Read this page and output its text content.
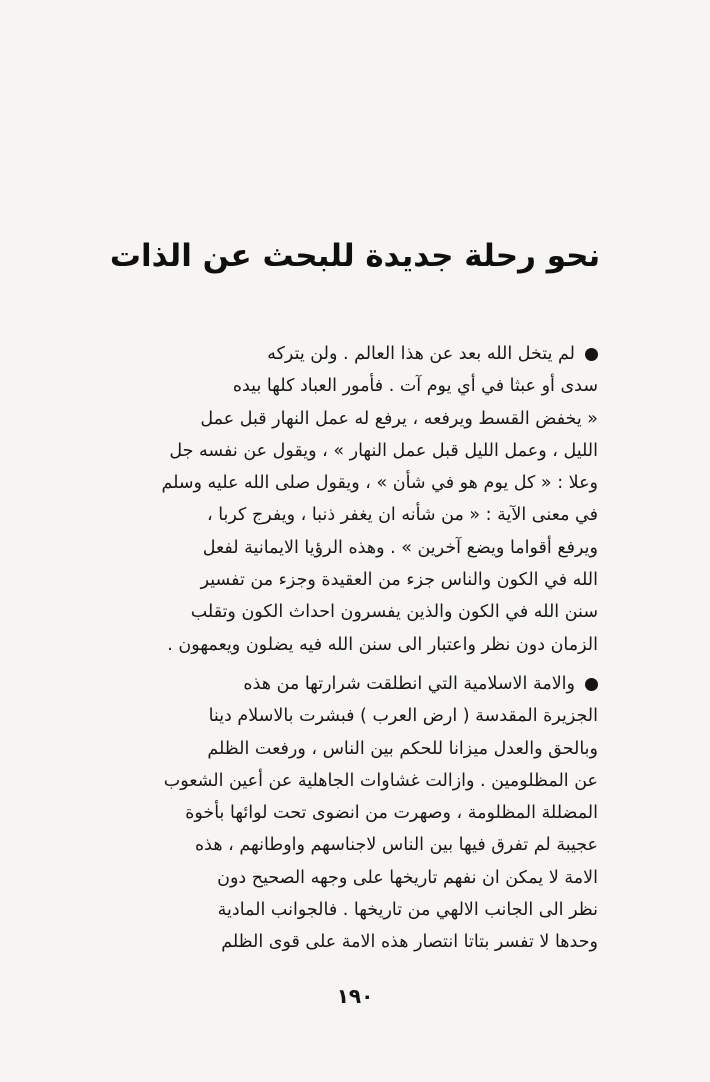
نحو رحلة جديدة للبحث عن الذات
لم يتخل الله بعد عن هذا العالم . ولن يتركه
سدى أو عبثا في أي يوم آت . فأمور العباد كلها بيده
« يخفض القسط ويرفعه ، يرفع له عمل النهار قبل عمل
الليل ، وعمل الليل قبل عمل النهار » ، ويقول عن نفسه جل
وعلا : « كل يوم هو في شأن » ، ويقول صلى الله عليه وسلم
في معنى الآية : « من شأنه ان يغفر ذنبا ، ويفرج كربا ،
ويرفع أقواما ويضع آخرين » . وهذه الرؤيا الايمانية لفعل
الله في الكون والناس جزء من العقيدة وجزء من تفسير
سنن الله في الكون والذين يفسرون احداث الكون وتقلب
الزمان دون نظر واعتبار الى سنن الله فيه يضلون ويعمهون .
والامة الاسلامية التي انطلقت شرارتها من هذه
الجزيرة المقدسة ( ارض العرب ) فبشرت بالاسلام دينا
وبالحق والعدل ميزانا للحكم بين الناس ، ورفعت الظلم
عن المظلومين . وازالت غشاوات الجاهلية عن أعين الشعوب
المضللة المظلومة ، وصهرت من انضوى تحت لوائها بأخوة
عجيبة لم تفرق فيها بين الناس لاجناسهم واوطانهم ، هذه
الامة لا يمكن ان نفهم تاريخها على وجهه الصحيح دون
نظر الى الجانب الالهي من تاريخها . فالجوانب المادية
وحدها لا تفسر بتاتا انتصار هذه الامة على قوى الظلم
١٩٠
